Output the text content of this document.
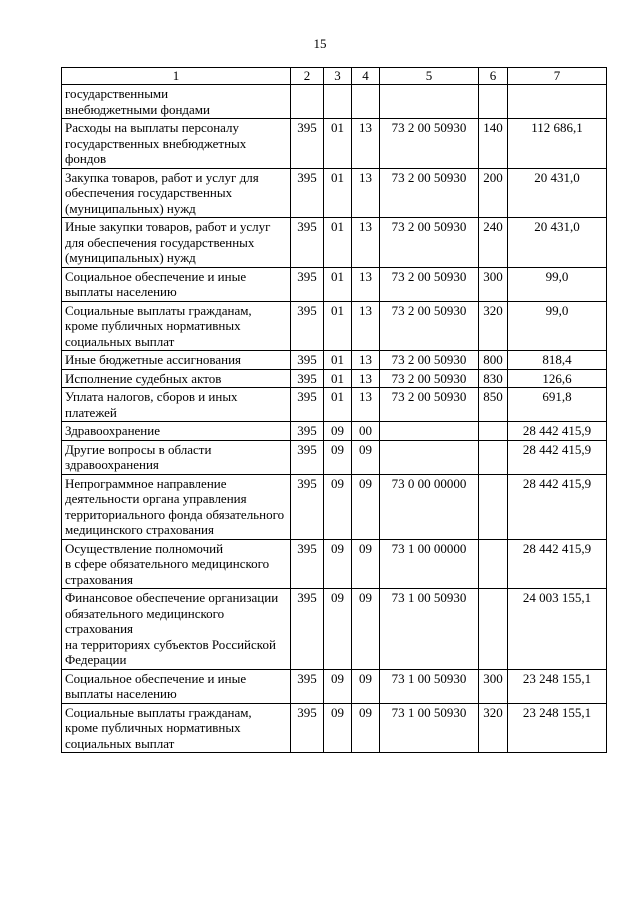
15
1	2	3	4	5	6	7
государственными
внебюджетными фондами						
Расходы на выплаты персоналу государственных внебюджетных фондов	395	01	13	73 2 00 50930	140	112 686,1
Закупка товаров, работ и услуг для обеспечения государственных (муниципальных) нужд	395	01	13	73 2 00 50930	200	20 431,0
Иные закупки товаров, работ и услуг для обеспечения государственных (муниципальных) нужд	395	01	13	73 2 00 50930	240	20 431,0
Социальное обеспечение и иные выплаты населению	395	01	13	73 2 00 50930	300	99,0
Социальные выплаты гражданам, кроме публичных нормативных социальных выплат	395	01	13	73 2 00 50930	320	99,0
Иные бюджетные ассигнования	395	01	13	73 2 00 50930	800	818,4
Исполнение судебных актов	395	01	13	73 2 00 50930	830	126,6
Уплата налогов, сборов и иных платежей	395	01	13	73 2 00 50930	850	691,8
Здравоохранение	395	09	00			28 442 415,9
Другие вопросы в области здравоохранения	395	09	09			28 442 415,9
Непрограммное направление деятельности органа управления территориального фонда обязательного медицинского страхования	395	09	09	73 0 00 00000		28 442 415,9
Осуществление полномочий
в сфере обязательного медицинского страхования	395	09	09	73 1 00 00000		28 442 415,9
Финансовое обеспечение организации обязательного медицинского страхования
на территориях субъектов Российской Федерации	395	09	09	73 1 00 50930		24 003 155,1
Социальное обеспечение и иные выплаты населению	395	09	09	73 1 00 50930	300	23 248 155,1
Социальные выплаты гражданам, кроме публичных нормативных социальных выплат	395	09	09	73 1 00 50930	320	23 248 155,1
